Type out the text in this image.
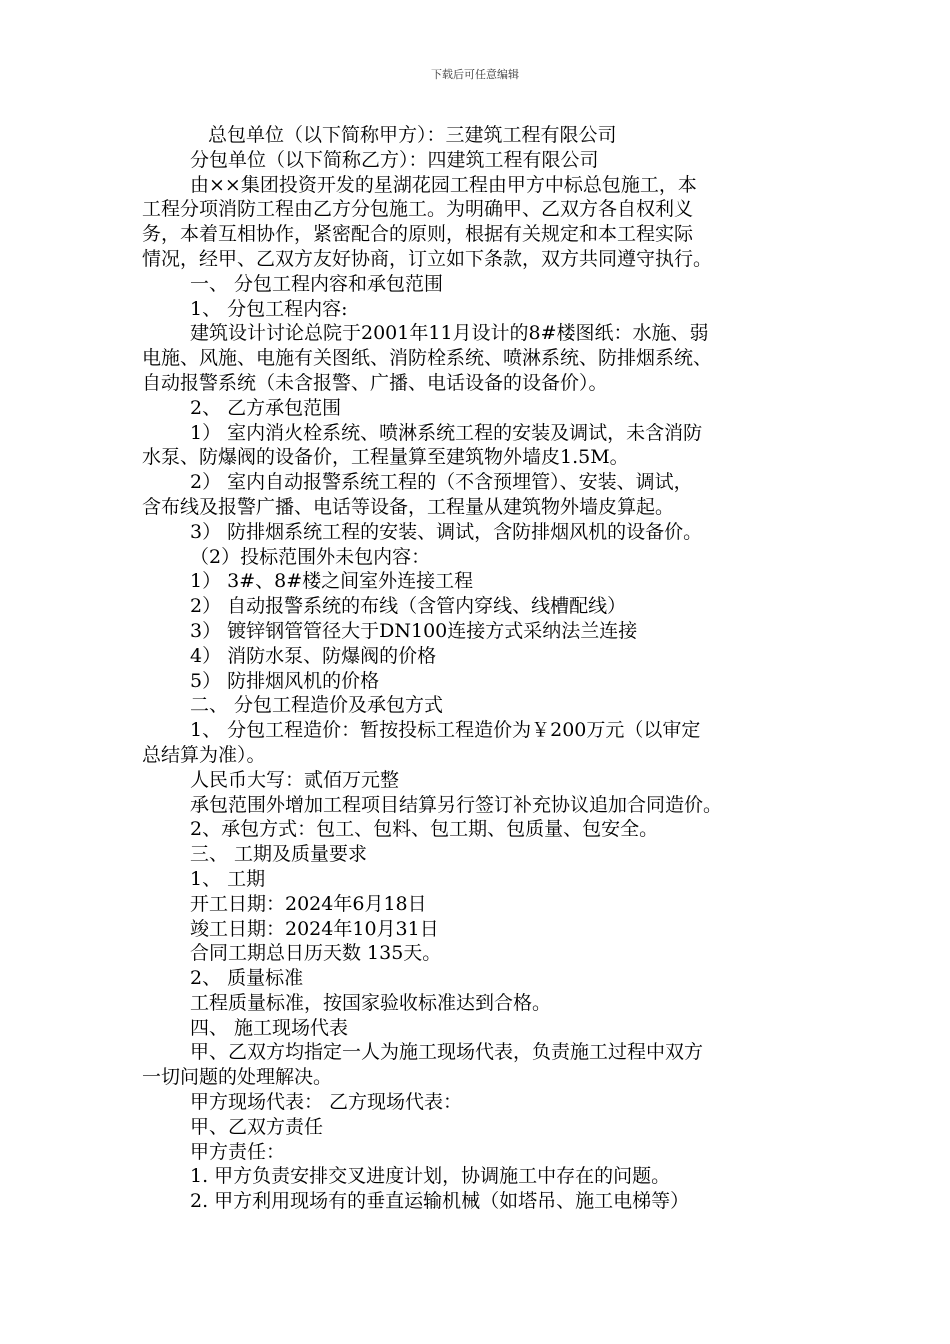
下载后可任意编辑
总包单位（以下简称甲方）：三建筑工程有限公司
分包单位（以下简称乙方）：四建筑工程有限公司
由××集团投资开发的星湖花园工程由甲方中标总包施工，本
工程分项消防工程由乙方分包施工。为明确甲、乙双方各自权利义
务，本着互相协作，紧密配合的原则，根据有关规定和本工程实际
情况，经甲、乙双方友好协商，订立如下条款，双方共同遵守执行。
一、 分包工程内容和承包范围
1、 分包工程内容:
建筑设计讨论总院于2001年11月设计的8#楼图纸：水施、弱
电施、风施、电施有关图纸、消防栓系统、喷淋系统、防排烟系统、
自动报警系统（未含报警、广播、电话设备的设备价）。
2、 乙方承包范围
1） 室内消火栓系统、喷淋系统工程的安装及调试，未含消防
水泵、防爆阀的设备价，工程量算至建筑物外墙皮1.5M。
2） 室内自动报警系统工程的（不含预埋管）、安装、调试，
含布线及报警广播、电话等设备，工程量从建筑物外墙皮算起。
3） 防排烟系统工程的安装、调试，含防排烟风机的设备价。
（2）投标范围外未包内容：
1） 3#、8#楼之间室外连接工程
2） 自动报警系统的布线（含管内穿线、线槽配线）
3） 镀锌钢管管径大于DN100连接方式采纳法兰连接
4） 消防水泵、防爆阀的价格
5） 防排烟风机的价格
二、 分包工程造价及承包方式
1、 分包工程造价：暂按投标工程造价为￥200万元（以审定
总结算为准）。
人民币大写：贰佰万元整
承包范围外增加工程项目结算另行签订补充协议追加合同造价。
2、承包方式：包工、包料、包工期、包质量、包安全。
三、 工期及质量要求
1、 工期
开工日期：2024年6月18日
竣工日期：2024年10月31日
合同工期总日历天数 135天。
2、 质量标准
工程质量标准，按国家验收标准达到合格。
四、 施工现场代表
甲、乙双方均指定一人为施工现场代表，负责施工过程中双方
一切问题的处理解决。
甲方现场代表： 乙方现场代表：
甲、乙双方责任
甲方责任：
1. 甲方负责安排交叉进度计划，协调施工中存在的问题。
2. 甲方利用现场有的垂直运输机械（如塔吊、施工电梯等）
